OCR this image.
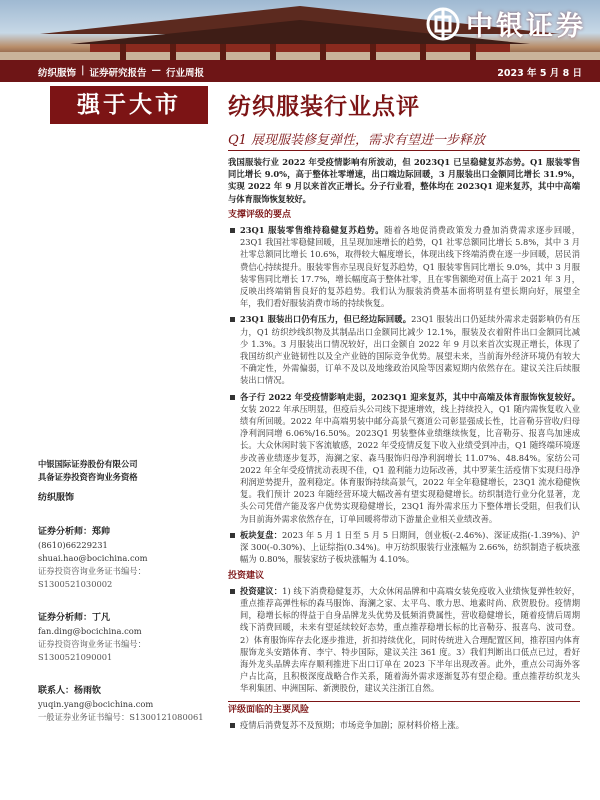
中银证券
纺织服饰 | 证券研究报告 — 行业周报	2023 年 5 月 8 日
强于大市	纺织服装行业点评
Q1 展现服装修复弹性，需求有望进一步释放
中银国际证券股份有限公司
具备证券投资咨询业务资格
纺织服饰
证券分析师：郑帅
(8610)66229231
shuai.hao@bocichina.com
证券投资咨询业务证书编号：S1300521030002
证券分析师：丁凡
fan.ding@bocichina.com
证券投资咨询业务证书编号：S1300521090001
联系人：杨雨钦
yuqin.yang@bocichina.com
一般证券业务证书编号：S1300121080061

我国服装行业 2022 年受疫情影响有所波动，但 2023Q1 已呈稳健复苏态势。Q1 服装零售同比增长 9.0%，高于整体社零增速，出口端边际回暖，3 月服装出口金额同比增长 31.9%，实现 2022 年 9 月以来首次正增长。分子行业看，整体均在 2023Q1 迎来复苏，其中中高端与体育服饰恢复较好。

支撑评级的要点
23Q1 服装零售维持稳健复苏趋势。随着各地促消费政策发力叠加消费需求逐步回暖，23Q1 我国社零稳健回暖，且呈现加速增长的趋势，Q1 社零总额同比增长 5.8%，其中 3 月社零总额同比增长 10.6%，取得较大幅度增长，体现出线下终端消费在逐一步回暖，居民消费信心持续提升。服装零售亦呈现良好复苏趋势，Q1 服装零售同比增长 9.0%，其中 3 月服装零售同比增长 17.7%，增长幅度高于整体社零，且在零售额绝对值上高于 2021 年 3 月，反映出终端销售良好的复苏趋势。我们认为服装消费基本面将明显有望长期向好，展望全年，我们看好服装消费市场的持续恢复。
23Q1 服装出口仍有压力，但已经边际回暖。23Q1 服装出口仍延续外需求走弱影响仍有压力，Q1 纺织纱线织物及其制品出口金额同比减少 12.1%，服装及衣着附件出口金额同比减少 1.3%。3 月服装出口情况较好，出口金额自 2022 年 9 月以来首次实现正增长，体现了我国纺织产业链韧性以及全产业链的国际竞争优势。展望未来，当前海外经济环境仍有较大不确定性，外需偏弱，订单不及以及地缘政治风险等因素短期内依然存在。建议关注后续服装出口情况。
各子行 2022 年受疫情影响走弱，2023Q1 迎来复苏，其中中高端及体育服饰恢复较好。女装 2022 年承压明显，但疫后头公司线下提速增效，线上持续投入，Q1 随内需恢复收入业绩有所回暖。2022 年中高端男装中邮分高景气赛道公司彰显强成长性，比音勒芬营收/归母净利润同增 6.06%/16.50%。2023Q1 男装整体业绩继续恢复，比音勒芬、报喜鸟加速成长。大众休闲时装下客流敏感，2022 年受疫情反复下收入业绩受到冲击，Q1 随终端环境逐步改善业绩逐步复苏，海澜之家、森马服饰归母净利润增长 11.07%、48.84%。家纺公司 2022 年全年受疫情扰动表现不佳，Q1 盈利能力边际改善，其中罗莱生活疫情下实现归母净利润逆势提升，盈利稳定。体育服饰持续高景气，2022 年全年稳健增长，23Q1 流水稳健恢复。我们预计 2023 年随经营环境大幅改善有望实现稳健增长。纺织制造行业分化显著，龙头公司凭借产能及客户优势实现稳健增长，23Q1 海外需求压力下整体增长受阻，但我们认为目前海外需求依然存在，订单回暖将带动下游量企业相关业绩改善。
板块复盘：2023 年 5 月 1 日至 5 月 5 日期间，创业板(-2.46%)、深证成指(-1.39%)、沪深 300(-0.30%)、上证综指(0.34%)。申万纺织服装行业涨幅为 2.66%，纺织制造子板块涨幅为 0.80%，服装家纺子板块涨幅为 4.10%。
投资建议
投资建议：1) 线下消费稳健复苏，大众休闲品牌和中高端女装免疫收入业绩恢复弹性较好，重点推荐高弹性标的森马服饰、海澜之家、太平鸟、歌力思、地素时尚、欣贺股份。疫情期间，稳增长标的得益于自身品牌龙头优势及低频消费属性，营收稳健增长，随着疫情后周期线下消费回暖，未来有望延续较好态势，重点推荐稳增长标的比音勒芬、报喜鸟、波司登。2）体育服饰库存去化逐步推进，折扣持续优化，同时传统进入合理配置区间，推荐国内体育服饰龙头安踏体育、李宁、特步国际，建议关注 361 度。3）我们判断出口低点已过，看好海外龙头品牌去库存顺利推进下出口订单在 2023 下半年出现改善。此外，重点公司海外客户占比高，且积极深度战略合作关系，随着海外需求逐渐复苏有望企稳。重点推荐纺织龙头华利集团、申洲国际、新澳股份，建议关注浙江自然。
评级面临的主要风险
疫情后消费复苏不及预期；市场竞争加剧；原材料价格上涨。
